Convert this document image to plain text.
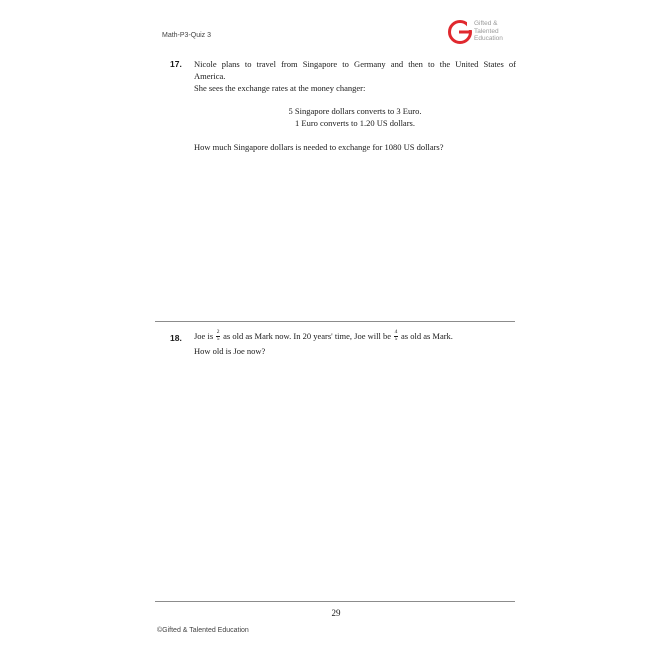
Math-P3-Quiz 3
Gifted &
Talented
Education
17. Nicole plans to travel from Singapore to Germany and then to the United States of
America.
She sees the exchange rates at the money changer:
5 Singapore dollars converts to 3 Euro.
1 Euro converts to 1.20 US dollars.
How much Singapore dollars is needed to exchange for 1080 US dollars?
18. Joe is $\frac{2}{5}$ as old as Mark now. In 20 years' time, Joe will be $\frac{4}{5}$ as old as Mark.
How old is Joe now?
29
©Gifted & Talented Education
